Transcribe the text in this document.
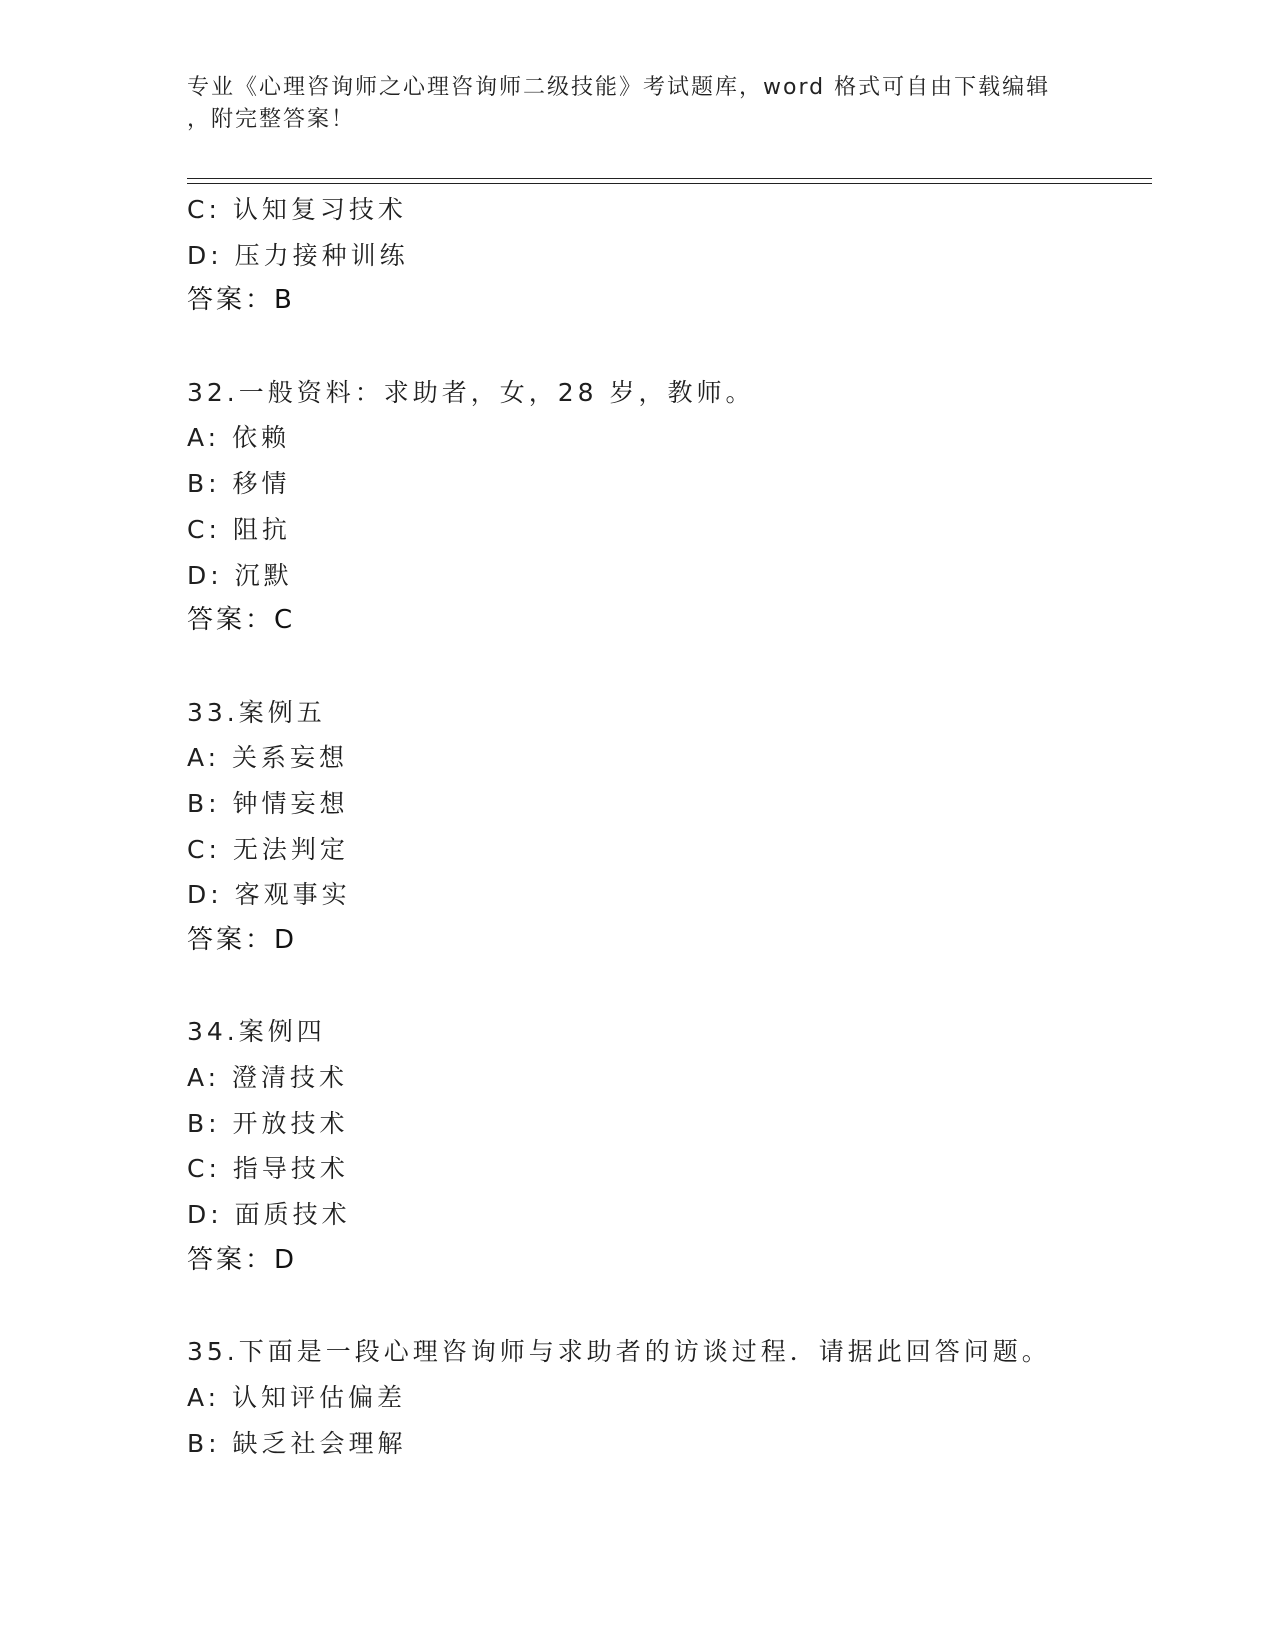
专业《心理咨询师之心理咨询师二级技能》考试题库，word 格式可自由下载编辑
，附完整答案！
C: 认知复习技术
D: 压力接种训练
答案：B
32.一般资料：求助者，女，28 岁，教师。
A: 依赖
B: 移情
C: 阻抗
D: 沉默
答案：C
33.案例五
A: 关系妄想
B: 钟情妄想
C: 无法判定
D: 客观事实
答案：D
34.案例四
A: 澄清技术
B: 开放技术
C: 指导技术
D: 面质技术
答案：D
35.下面是一段心理咨询师与求助者的访谈过程．请据此回答问题。
A: 认知评估偏差
B: 缺乏社会理解
